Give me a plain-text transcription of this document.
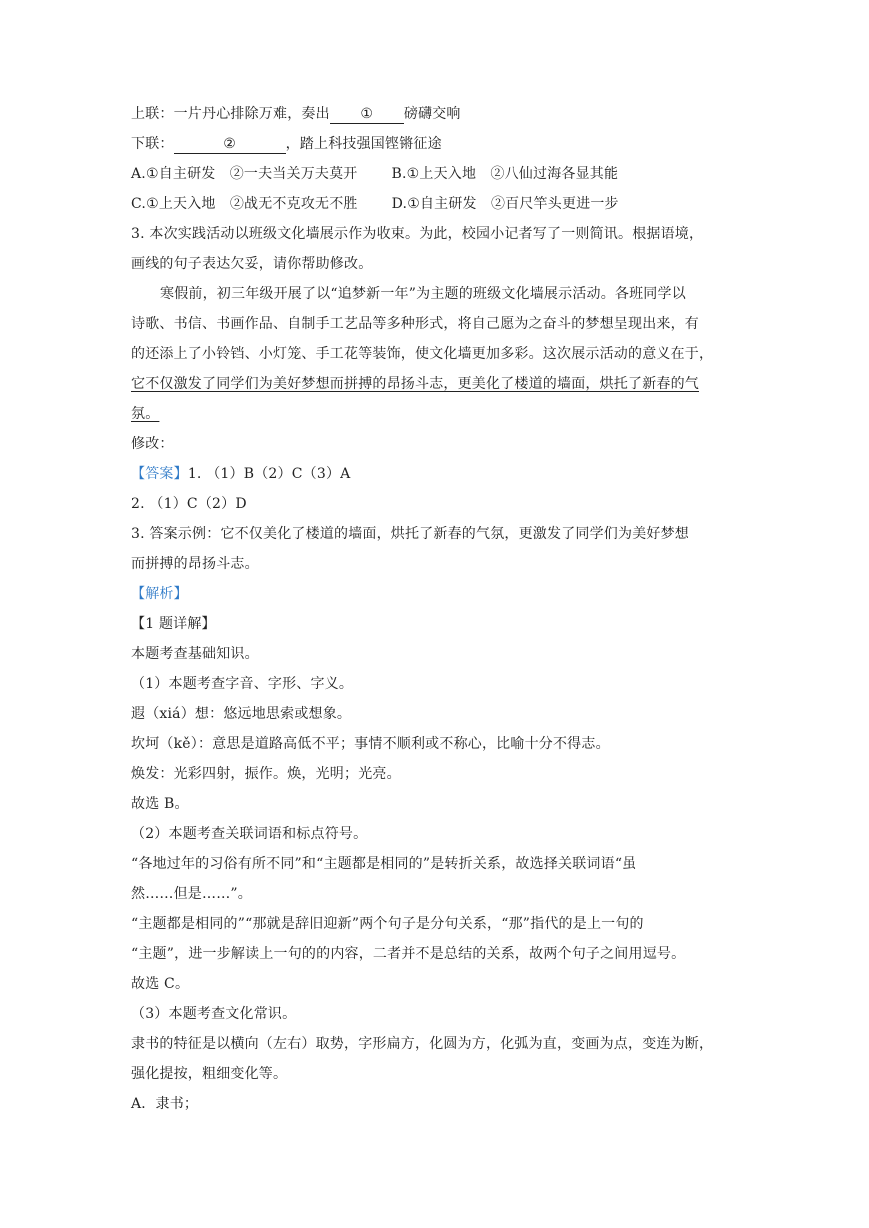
上联：一片丹心排除万难，奏出 ① 磅礴交响
下联：	②	，踏上科技强国铿锵征途
A.①自主研发　②一夫当关万夫莫开 B.①上天入地　②八仙过海各显其能
C.①上天入地　②战无不克攻无不胜 D.①自主研发　②百尺竿头更进一步
3. 本次实践活动以班级文化墙展示作为收束。为此，校园小记者写了一则简讯。根据语境，
画线的句子表达欠妥，请你帮助修改。
寒假前，初三年级开展了以“追梦新一年”为主题的班级文化墙展示活动。各班同学以
诗歌、书信、书画作品、自制手工艺品等多种形式，将自己愿为之奋斗的梦想呈现出来，有
的还添上了小铃铛、小灯笼、手工花等装饰，使文化墙更加多彩。这次展示活动的意义在于，
它不仅激发了同学们为美好梦想而拼搏的昂扬斗志，更美化了楼道的墙面，烘托了新春的气
氛。
修改：
【答案】1. （1）B（2）C（3）A
2. （1）C（2）D
3. 答案示例：它不仅美化了楼道的墙面，烘托了新春的气氛，更激发了同学们为美好梦想
而拼搏的昂扬斗志。
【解析】
【1 题详解】
本题考查基础知识。
（1）本题考查字音、字形、字义。
遐（xiá）想：悠远地思索或想象。
坎坷（kě）：意思是道路高低不平；事情不顺利或不称心，比喻十分不得志。
焕发：光彩四射，振作。焕，光明；光亮。
故选 B。
（2）本题考查关联词语和标点符号。
“各地过年的习俗有所不同”和“主题都是相同的”是转折关系，故选择关联词语“虽
然……但是……”。
“主题都是相同的”“那就是辞旧迎新”两个句子是分句关系，“那”指代的是上一句的
“主题”，进一步解读上一句的的内容，二者并不是总结的关系，故两个句子之间用逗号。
故选 C。
（3）本题考查文化常识。
隶书的特征是以横向（左右）取势，字形扁方，化圆为方，化弧为直，变画为点，变连为断，
强化提按，粗细变化等。
A．隶书；
